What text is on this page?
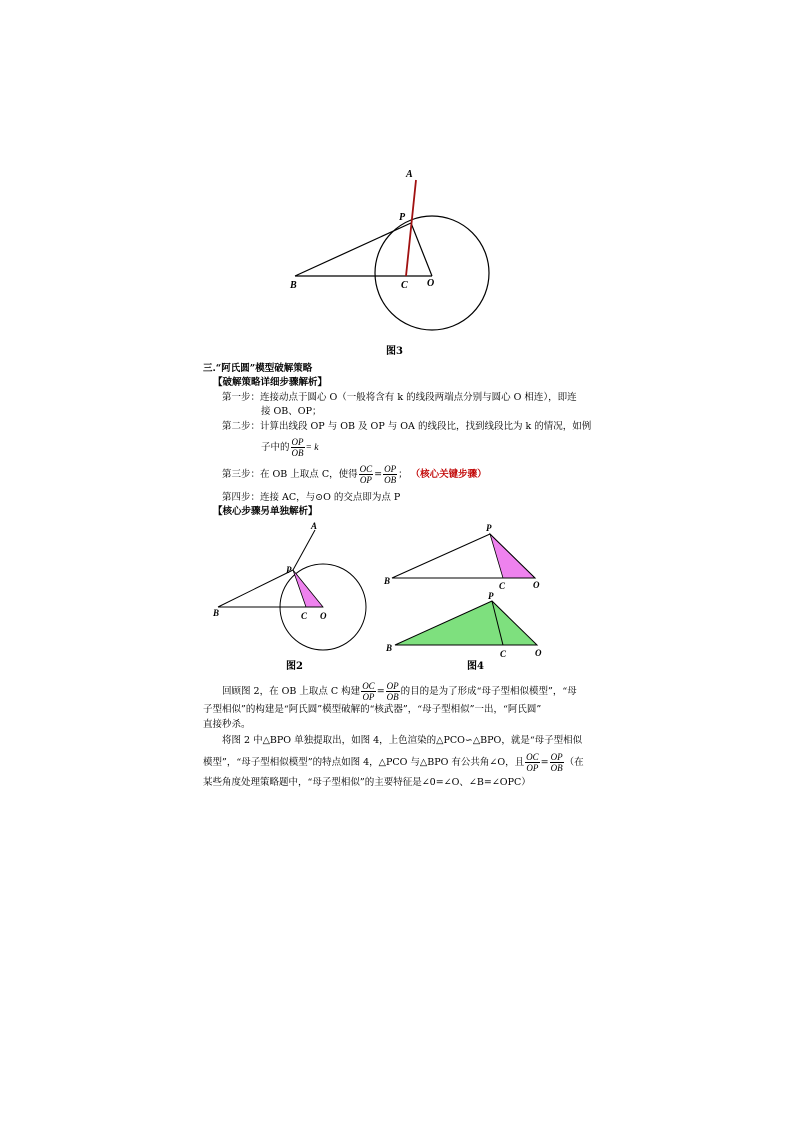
A
P
B	C O
图3
三.“阿氏圆”模型破解策略
【破解策略详细步骤解析】
第一步：连接动点于圆心 O（一般将含有 k 的线段两端点分别与圆心 O 相连），即连
接 OB、OP；
第二步：计算出线段 OP 与 OB 及 OP 与 OA 的线段比，找到线段比为 k 的情况，如例
子中的 $\frac{OP}{OB} = k$
第三步：在 OB 上取点 C，使得 $\frac{OC}{OP} = \frac{OP}{OB}$ ； （核心关键步骤）
第四步：连接 AC，与⊙O 的交点即为点 P
【核心步骤另单独解析】
A
P
B	C O
图2
P
B	C	O
P
B
C	O
图4
回顾图 2，在 OB 上取点 C 构建 $\frac{OC}{OP} = \frac{OP}{OB}$ 的目的是为了形成“母子型相似模型”，“母
子型相似”的构建是“阿氏圆”模型破解的“核武器”，“母子型相似”一出，“阿氏圆”
直接秒杀。
将图 2 中△BPO 单独提取出，如图 4，上色渲染的△PCO∽△BPO，就是“母子型相似
模型”，“母子型相似模型”的特点如图 4，△PCO 与△BPO 有公共角∠O，且 $\frac{OC}{OP} = \frac{OP}{OB}$ （在
某些角度处理策略题中，“母子型相似”的主要特征是∠0=∠O、∠B=∠OPC）
